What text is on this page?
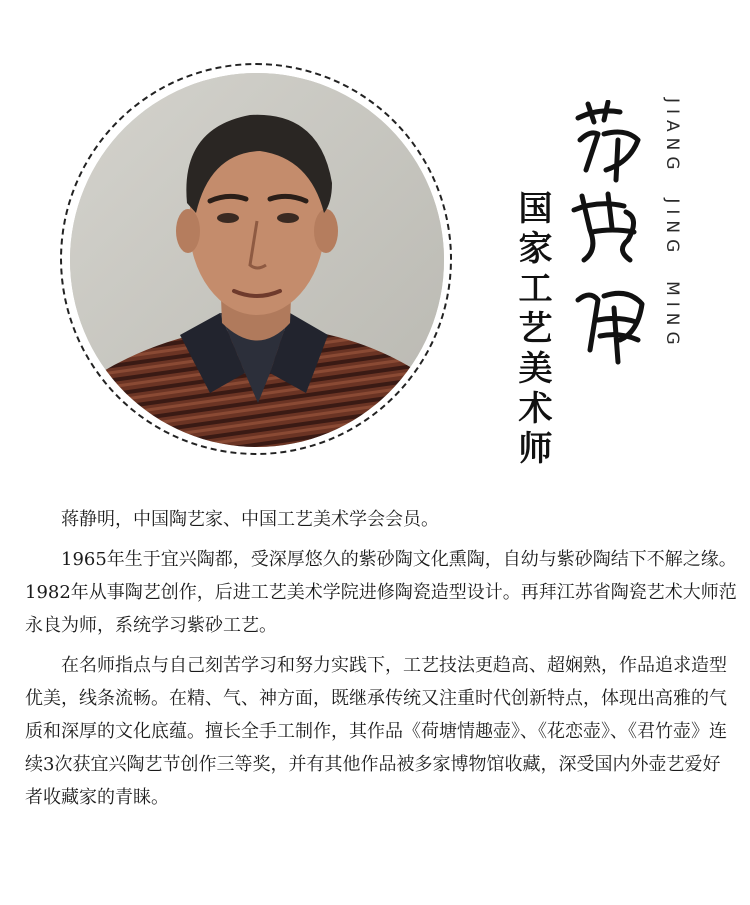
JIANG  JING  MING
国家工艺美术师

蒋静明，中国陶艺家、中国工艺美术学会会员。

1965年生于宜兴陶都，受深厚悠久的紫砂陶文化熏陶，自幼与紫砂陶结下不解之缘。1982年从事陶艺创作，后进工艺美术学院进修陶瓷造型设计。再拜江苏省陶瓷艺术大师范永良为师，系统学习紫砂工艺。

在名师指点与自己刻苦学习和努力实践下，工艺技法更趋高、超娴熟，作品追求造型优美，线条流畅。在精、气、神方面，既继承传统又注重时代创新特点，体现出高雅的气质和深厚的文化底蕴。擅长全手工制作，其作品《荷塘情趣壶》、《花恋壶》、《君竹壶》连续3次获宜兴陶艺节创作三等奖，并有其他作品被多家博物馆收藏，深受国内外壶艺爱好者收藏家的青睐。
